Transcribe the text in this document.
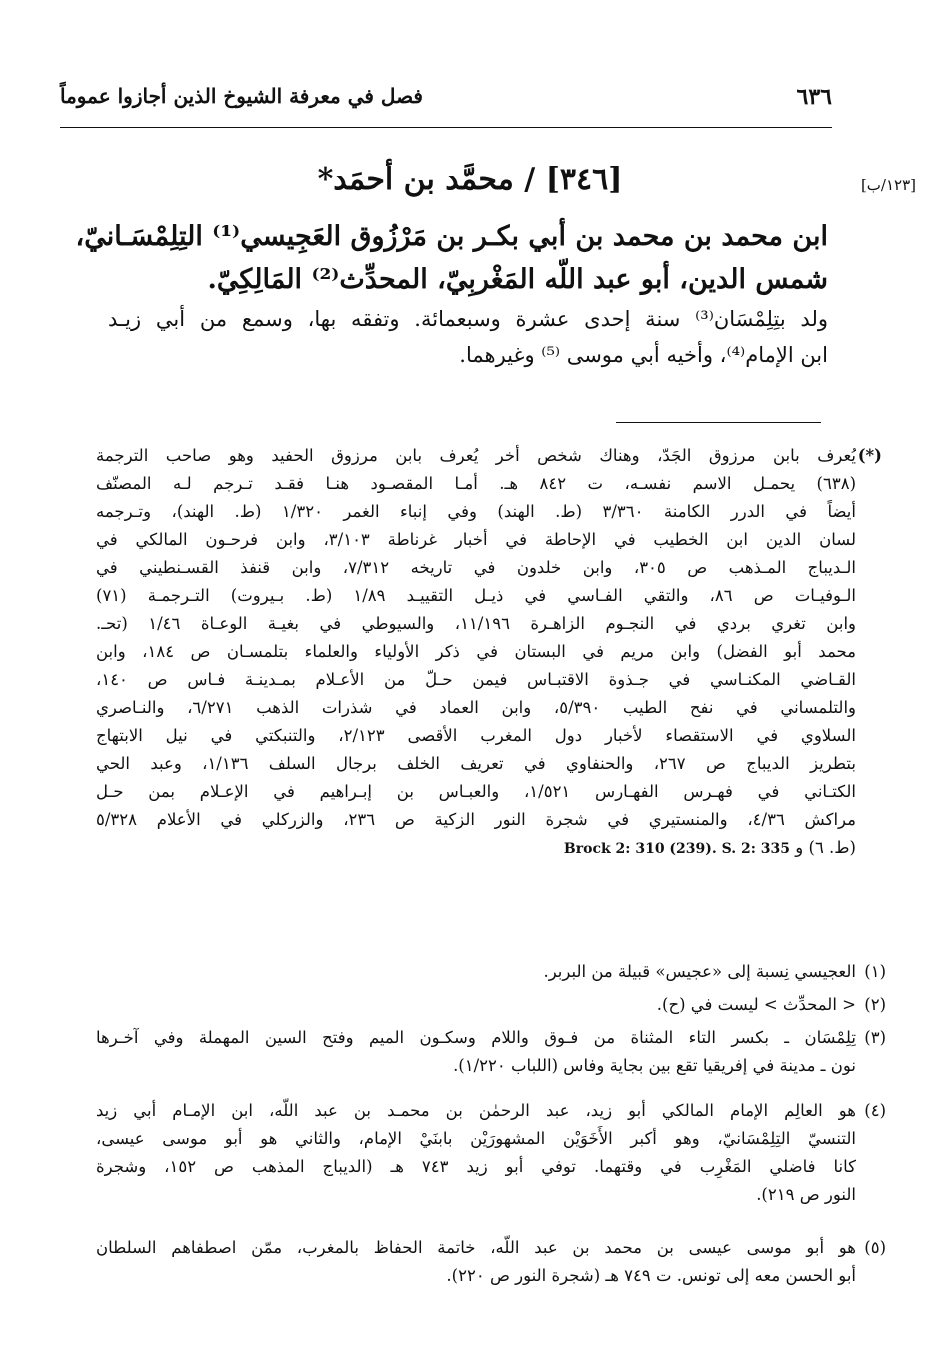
٦٣٦
فصل في معرفة الشيوخ الذين أجازوا عموماً
[١٢٣/ب]
[٣٤٦] / محمَّد بن أحمَد*
ابن محمد بن محمد بن أبي بكـر بن مَرْزُوق العَجِيسي⁽¹⁾ التِلِمْسَـانيّ،
شمس الدين، أبو عبد اللّه المَغْربِيّ، المحدِّث⁽²⁾ المَالِكِيّ.
ولد بتِلِمْسَان⁽³⁾ سنة إحدى عشرة وسبعمائة. وتفقه بها، وسمع من أبي زيـد
ابن الإمام⁽⁴⁾، وأخيه أبي موسى ⁽⁵⁾ وغيرهما.
(*)
يُعرف بابن مرزوق الجَدّ، وهناك شخص أخر يُعرف بابن مرزوق الحفيد وهو صاحب الترجمة
(٦٣٨) يحمـل الاسم نفسـه، ت ٨٤٢ هـ. أمـا المقصـود هنـا فقـد تـرجم لـه المصنّف
أيضاً في الدرر الكامنة ٣/٣٦٠ (ط. الهند) وفي إنباء الغمر ١/٣٢٠ (ط. الهند)، وتـرجمه
لسان الدين ابن الخطيب في الإحاطة في أخبار غرناطة ٣/١٠٣، وابن فرحـون المالكي في
الـديباج المـذهب ص ٣٠٥، وابن خلدون في تاريخه ٧/٣١٢، وابن قنفذ القسـنطيني في
الـوفيـات ص ٨٦، والتقي الفـاسي في ذيـل التقييـد ١/٨٩ (ط. بـيروت) التـرجمـة (٧١)
وابن تغري بردي في النجـوم الزاهـرة ١١/١٩٦، والسيوطي في بغيـة الوعـاة ١/٤٦ (تحـ.
محمد أبو الفضل) وابن مريم في البستان في ذكر الأولياء والعلماء بتلمسـان ص ١٨٤، وابن
القـاضي المكنـاسي في جـذوة الاقتبـاس فيمن حـلّ من الأعـلام بمـدينـة فـاس ص ١٤٠،
والتلمساني في نفح الطيب ٥/٣٩٠، وابن العماد في شذرات الذهب ٦/٢٧١، والنـاصري
السلاوي في الاستقصاء لأخبار دول المغرب الأقصى ٢/١٢٣، والتنبكتي في نيل الابتهاج
بتطريز الديباج ص ٢٦٧، والحنفاوي في تعريف الخلف برجال السلف ١/١٣٦، وعبد الحي
الكتـاني في فهـرس الفهـارس ١/٥٢١، والعبـاس بن إبـراهيم في الإعـلام بمن حـل
مراكش ٤/٣٦، والمنستيري في شجرة النور الزكية ص ٢٣٦، والزركلي في الأعلام ٥/٣٢٨
(ط. ٦) و Brock 2: 310 (239). S. 2: 335
(١)
العجيسي نِسبة إلى «عجيس» قبيلة من البربر.
(٢)
< المحدِّث > ليست في (ح).
(٣)
تِلِمْسَان ـ بكسر التاء المثناة من فـوق واللام وسكـون الميم وفتح السين المهملة وفي آخـرها
نون ـ مدينة في إفريقيا تقع بين بجاية وفاس (اللباب ١/٢٢٠).
(٤)
هو العالِم الإمام المالكي أبو زيد، عبد الرحمٰن بن محمـد بن عبد اللّه، ابن الإمـام أبي زيد
التنسيّ التِلِمْسَانيّ، وهو أكبر الأَخَوَيْن المشهورَيْن بابنَيْ الإمام، والثاني هو أبو موسى عيسى،
كانا فاضلي المَغْرِب في وقتهما. توفي أبو زيد ٧٤٣ هـ (الديباج المذهب ص ١٥٢، وشجرة
النور ص ٢١٩).
(٥)
هو أبو موسى عيسى بن محمد بن عبد اللّه، خاتمة الحفاظ بالمغرب، ممّن اصطفاهم السلطان
أبو الحسن معه إلى تونس. ت ٧٤٩ هـ (شجرة النور ص ٢٢٠).
